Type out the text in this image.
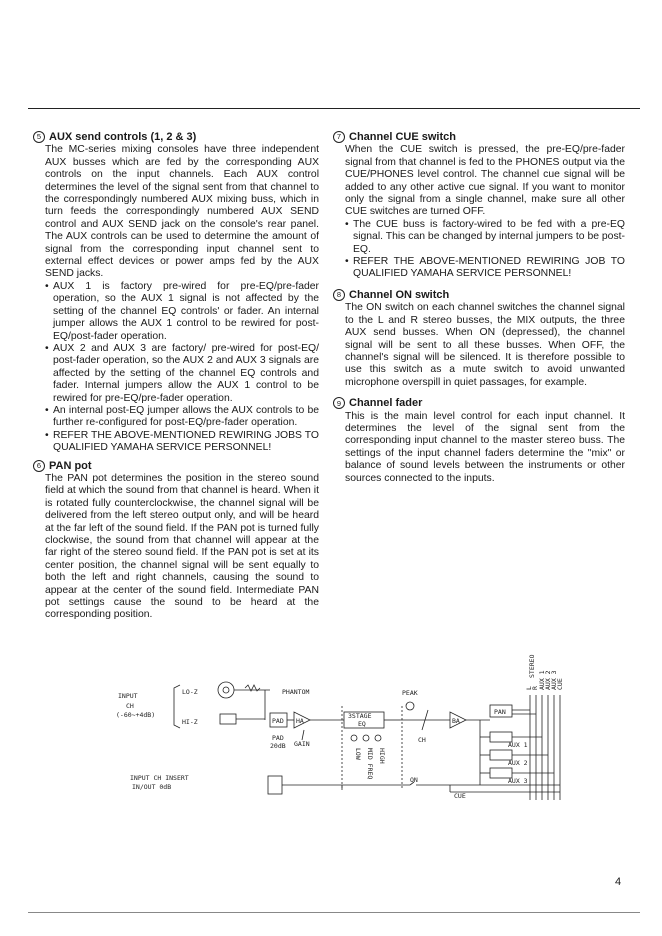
5 AUX send controls (1, 2 & 3)

The MC-series mixing consoles have three independent AUX busses which are fed by the corresponding AUX controls on the input channels. Each AUX control determines the level of the signal sent from that channel to the correspondingly numbered AUX mixing buss, which in turn feeds the correspondingly numbered AUX SEND control and AUX SEND jack on the console's rear panel. The AUX controls can be used to determine the amount of signal from the corresponding input channel sent to external effect devices or power amps fed by the AUX SEND jacks.

• AUX 1 is factory pre-wired for pre-EQ/pre-fader operation, so the AUX 1 signal is not affected by the setting of the channel EQ controls' or fader. An internal jumper allows the AUX 1 control to be rewired for post-EQ/post-fader operation.
• AUX 2 and AUX 3 are factory/ pre-wired for post-EQ/ post-fader operation, so the AUX 2 and AUX 3 signals are affected by the setting of the channel EQ controls and fader. Internal jumpers allow the AUX 1 control to be rewired for pre-EQ/pre-fader operation.
• An internal post-EQ jumper allows the AUX controls to be further re-configured for post-EQ/pre-fader operation.
• REFER THE ABOVE-MENTIONED REWIRING JOBS TO QUALIFIED YAMAHA SERVICE PERSONNEL!
6 PAN pot

The PAN pot determines the position in the stereo sound field at which the sound from that channel is heard. When it is rotated fully counterclockwise, the channel signal will be delivered from the left stereo output only, and will be heard at the far left of the sound field. If the PAN pot is turned fully clockwise, the sound from that channel will appear at the far right of the stereo sound field. If the PAN pot is set at its center position, the channel signal will be sent equally to both the left and right channels, causing the sound to appear at the center of the sound field. Intermediate PAN pot settings cause the sound to be heard at the corresponding position.

7 Channel CUE switch

When the CUE switch is pressed, the pre-EQ/pre-fader signal from that channel is fed to the PHONES output via the CUE/PHONES level control. The channel cue signal will be added to any other active cue signal. If you want to monitor only the signal from a single channel, make sure all other CUE switches are turned OFF.

• The CUE buss is factory-wired to be fed with a pre-EQ signal. This can be changed by internal jumpers to be post-EQ.
• REFER THE ABOVE-MENTIONED REWIRING JOB TO QUALIFIED YAMAHA SERVICE PERSONNEL!
8 Channel ON switch

The ON switch on each channel switches the channel signal to the L and R stereo busses, the MIX outputs, the three AUX send busses. When ON (depressed), the channel signal will be sent to all these busses. When OFF, the channel's signal will be silenced. It is therefore possible to use this switch as a mute switch to avoid unwanted microphone overspill in quiet passages, for example.

9 Channel fader

This is the main level control for each input channel. It determines the level of the signal sent from the corresponding input channel to the master stereo buss. The settings of the input channel faders determine the "mix" or balance of sound levels between the instruments or other sources connected to the inputs.

INPUT
CH
(-60~+4dB)
LO-Z
HI-Z
PHANTOM
PAD HA
PAD
20dB GAIN
3STAGE
EQ
LOW MID FREQ HIGH
PEAK
CH
BA
PAN
AUX 1
AUX 2
AUX 3
ON
CUE
INPUT CH INSERT
IN/OUT 0dB
L
R
STEREO
AUX 1
AUX 2
AUX 3
CUE
4
